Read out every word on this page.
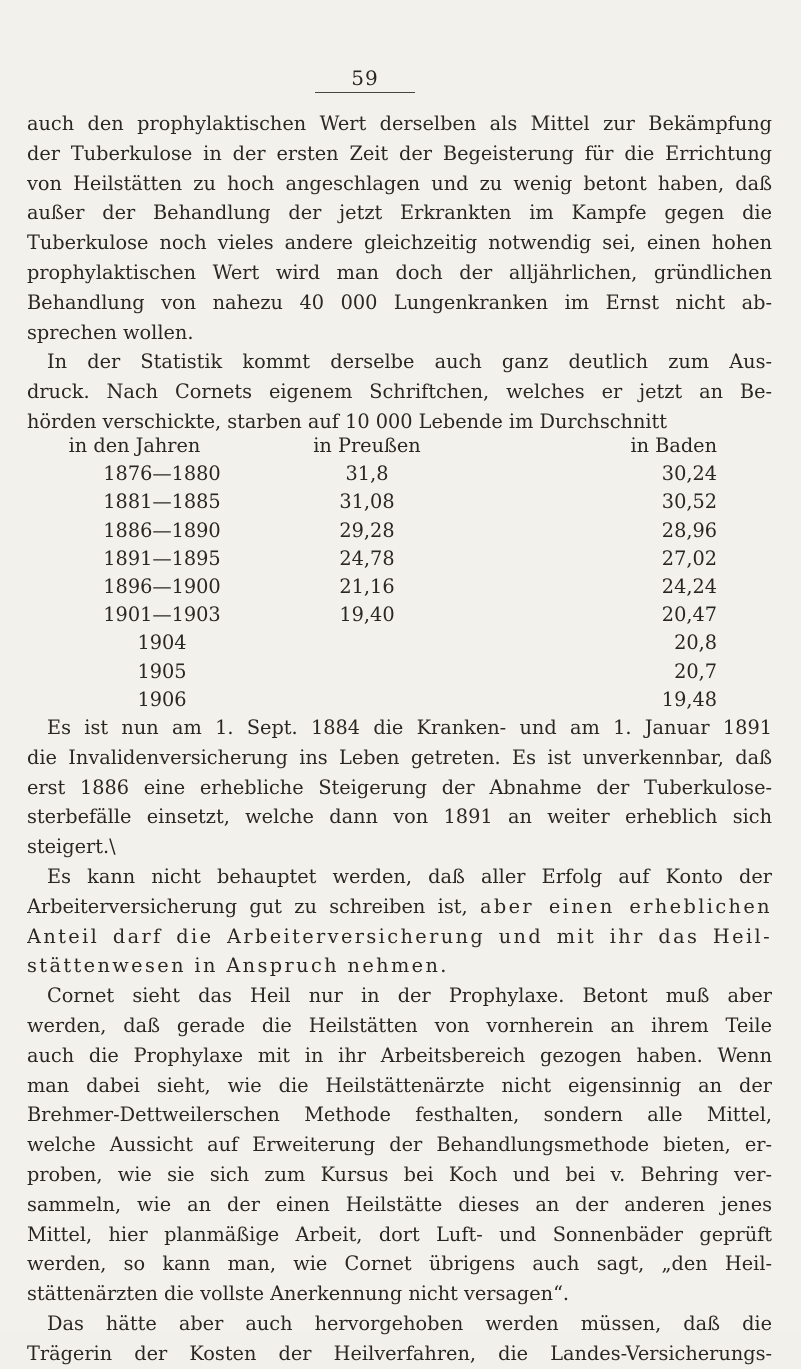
59
auch den prophylaktischen Wert derselben als Mittel zur Bekämpfung
der Tuberkulose in der ersten Zeit der Begeisterung für die Errichtung
von Heilstätten zu hoch angeschlagen und zu wenig betont haben, daß
außer der Behandlung der jetzt Erkrankten im Kampfe gegen die
Tuberkulose noch vieles andere gleichzeitig notwendig sei, einen hohen
prophylaktischen Wert wird man doch der alljährlichen, gründlichen
Behandlung von nahezu 40 000 Lungenkranken im Ernst nicht ab-
sprechen wollen.
In der Statistik kommt derselbe auch ganz deutlich zum Aus-
druck. Nach Cornets eigenem Schriftchen, welches er jetzt an Be-
hörden verschickte, starben auf 10 000 Lebende im Durchschnitt
in den Jahren	in Preußen	in Baden
1876—1880	31,8	30,24
1881—1885	31,08	30,52
1886—1890	29,28	28,96
1891—1895	24,78	27,02
1896—1900	21,16	24,24
1901—1903	19,40	20,47
1904		20,8
1905		20,7
1906		19,48
Es ist nun am 1. Sept. 1884 die Kranken- und am 1. Januar 1891
die Invalidenversicherung ins Leben getreten. Es ist unverkennbar, daß
erst 1886 eine erhebliche Steigerung der Abnahme der Tuberkulose-
sterbefälle einsetzt, welche dann von 1891 an weiter erheblich sich
steigert.\
Es kann nicht behauptet werden, daß aller Erfolg auf Konto der
Arbeiterversicherung gut zu schreiben ist, aber einen erheblichen
Anteil darf die Arbeiterversicherung und mit ihr das Heil-
stättenwesen in Anspruch nehmen.
Cornet sieht das Heil nur in der Prophylaxe. Betont muß aber
werden, daß gerade die Heilstätten von vornherein an ihrem Teile
auch die Prophylaxe mit in ihr Arbeitsbereich gezogen haben. Wenn
man dabei sieht, wie die Heilstättenärzte nicht eigensinnig an der
Brehmer-Dettweilerschen Methode festhalten, sondern alle Mittel,
welche Aussicht auf Erweiterung der Behandlungsmethode bieten, er-
proben, wie sie sich zum Kursus bei Koch und bei v. Behring ver-
sammeln, wie an der einen Heilstätte dieses an der anderen jenes
Mittel, hier planmäßige Arbeit, dort Luft- und Sonnenbäder geprüft
werden, so kann man, wie Cornet übrigens auch sagt, „den Heil-
stättenärzten die vollste Anerkennung nicht versagen“.
Das hätte aber auch hervorgehoben werden müssen, daß die
Trägerin der Kosten der Heilverfahren, die Landes-Versicherungs-
